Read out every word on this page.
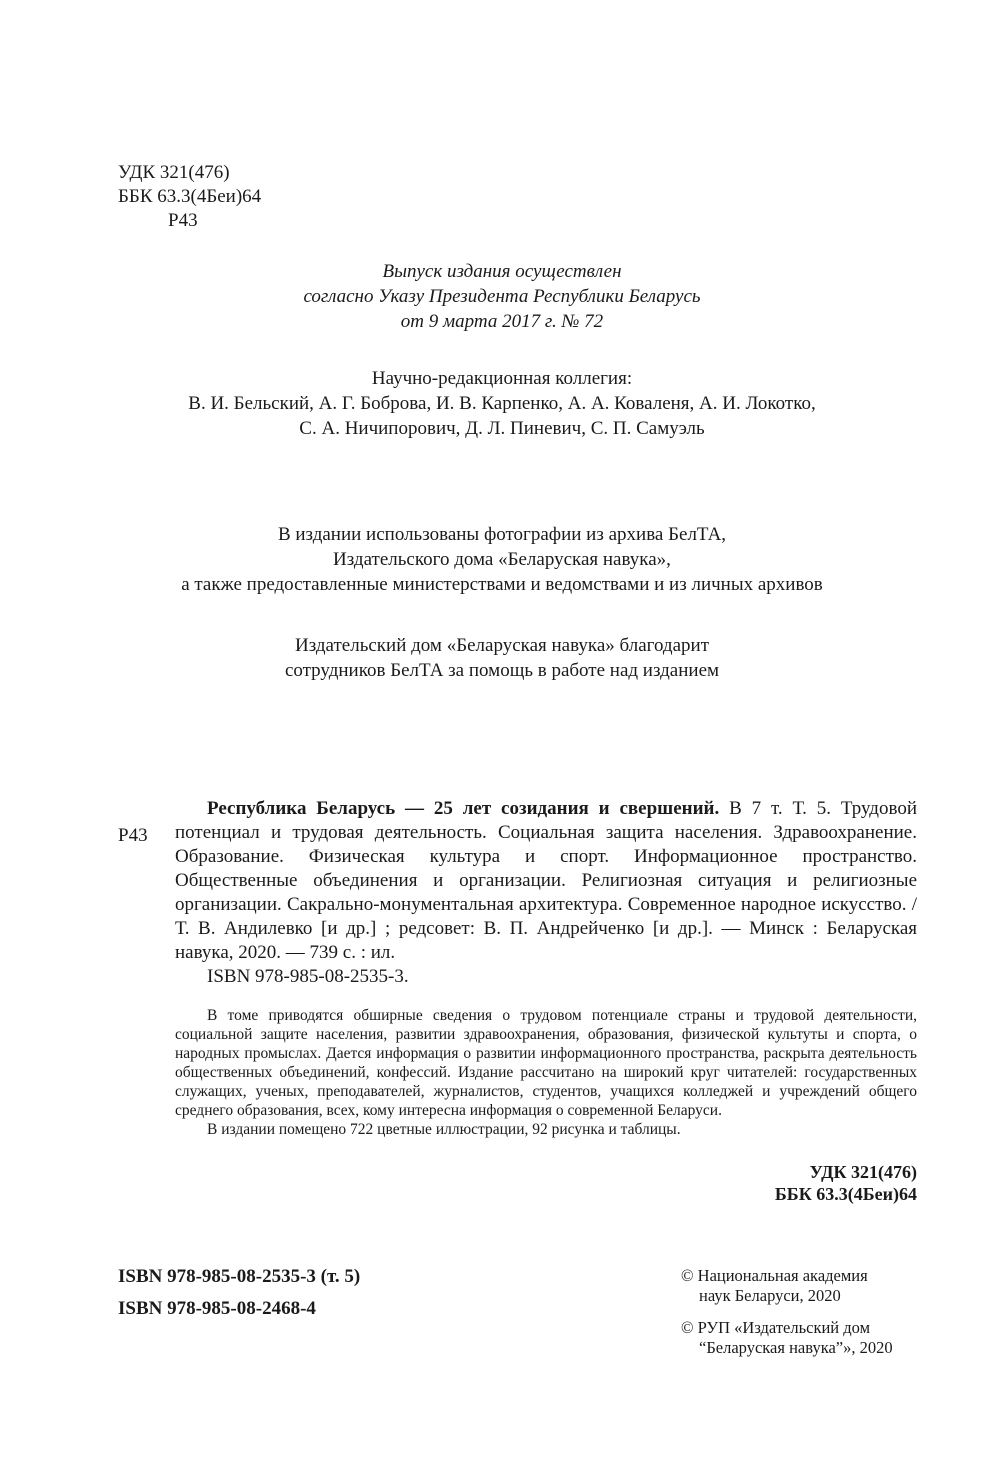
УДК 321(476)
ББК 63.3(4Беи)64
Р43
Выпуск издания осуществлен
согласно Указу Президента Республики Беларусь
от 9 марта 2017 г. № 72
Научно-редакционная коллегия:
В. И. Бельский, А. Г. Боброва, И. В. Карпенко, А. А. Коваленя, А. И. Локотко,
С. А. Ничипорович, Д. Л. Пиневич, С. П. Самуэль
В издании использованы фотографии из архива БелТА,
Издательского дома «Беларуская навука»,
а также предоставленные министерствами и ведомствами и из личных архивов
Издательский дом «Беларуская навука» благодарит
сотрудников БелТА за помощь в работе над изданием
Р43
Республика Беларусь — 25 лет созидания и свершений. В 7 т. Т. 5. Трудовой потенциал и трудовая деятельность. Социальная защита населения. Здравоохранение. Образование. Физическая культура и спорт. Информационное пространство. Общественные объединения и организации. Религиозная ситуация и религиозные организации. Сакрально-монументальная архитектура. Современное народное искусство. / Т. В. Андилевко [и др.] ; редсовет: В. П. Андрейченко [и др.]. — Минск : Беларуская навука, 2020. — 739 с. : ил.
ISBN 978-985-08-2535-3.

В томе приводятся обширные сведения о трудовом потенциале страны и трудовой деятельности, социальной защите населения, развитии здравоохранения, образования, физической культуты и спорта, о народных промыслах. Дается информация о развитии информационного пространства, раскрыта деятельность общественных объединений, конфессий. Издание рассчитано на широкий круг читателей: государственных служащих, ученых, преподавателей, журналистов, студентов, учащихся колледжей и учреждений общего среднего образования, всех, кому интересна информация о современной Беларуси.

В издании помещено 722 цветные иллюстрации, 92 рисунка и таблицы.

УДК 321(476)
ББК 63.3(4Беи)64
ISBN 978-985-08-2535-3 (т. 5)
ISBN 978-985-08-2468-4
© Национальная академия
наук Беларуси, 2020
© РУП «Издательский дом
“Беларуская навука”», 2020
